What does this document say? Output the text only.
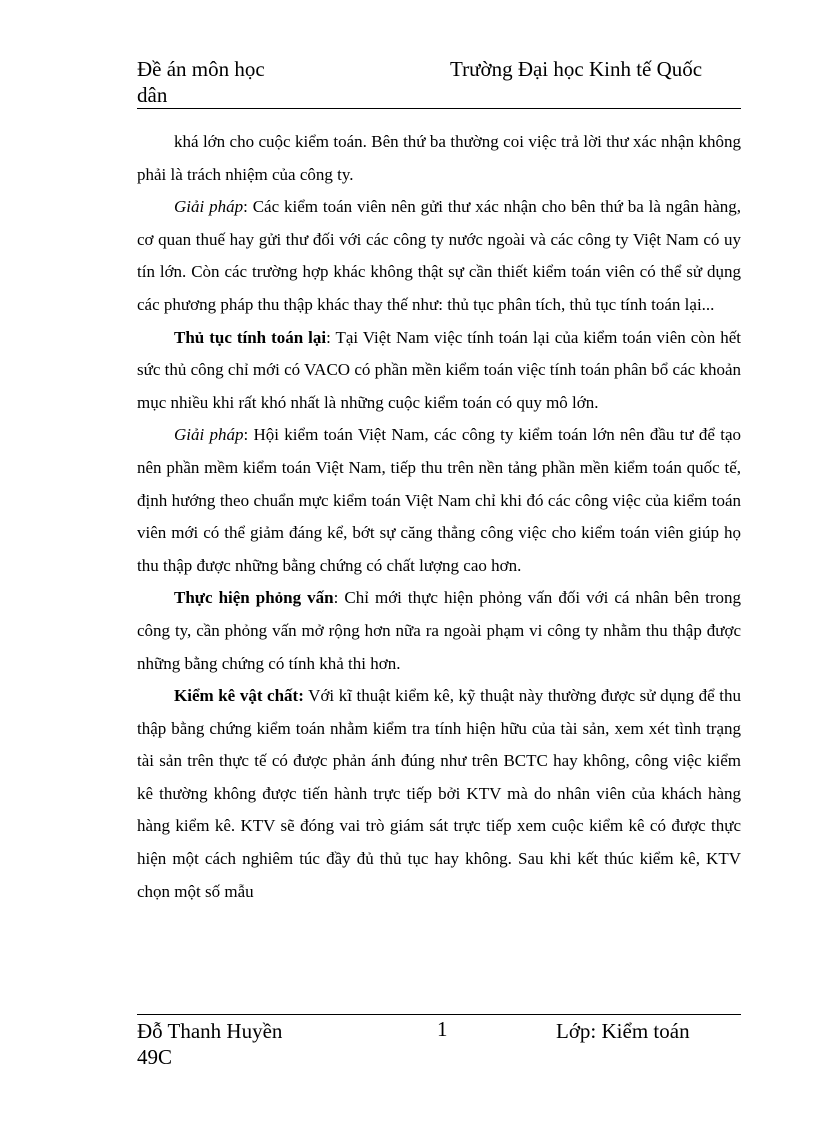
Đề án môn học	Trường Đại học Kinh tế Quốc
dân

khá lớn cho cuộc kiểm toán. Bên thứ ba thường coi việc trả lời thư xác nhận không phải là trách nhiệm của công ty.

Giải pháp: Các kiểm toán viên nên gửi thư xác nhận cho bên thứ ba là ngân hàng, cơ quan thuế hay gửi thư đối với các công ty nước ngoài và các công ty Việt Nam có uy tín lớn. Còn các trường hợp khác không thật sự cần thiết kiểm toán viên có thể sử dụng các phương pháp thu thập khác thay thế như: thủ tục phân tích, thủ tục tính toán lại...

Thủ tục tính toán lại: Tại Việt Nam việc tính toán lại của kiểm toán viên còn hết sức thủ công chỉ mới có VACO có phần mền kiểm toán việc tính toán phân bổ các khoản mục nhiều khi rất khó nhất là những cuộc kiểm toán có quy mô lớn.

Giải pháp: Hội kiểm toán Việt Nam, các công ty kiểm toán lớn nên đầu tư để tạo nên phần mềm kiểm toán Việt Nam, tiếp thu trên nền tảng phần mền kiểm toán quốc tế, định hướng theo chuẩn mực kiểm toán Việt Nam chỉ khi đó các công việc của kiểm toán viên mới có thể giảm đáng kể, bớt sự căng thẳng công việc cho kiểm toán viên giúp họ thu thập được những bằng chứng có chất lượng cao hơn.

Thực hiện phỏng vấn: Chỉ mới thực hiện phỏng vấn đối với cá nhân bên trong công ty, cần phỏng vấn mở rộng hơn nữa ra ngoài phạm vi công ty nhằm thu thập được những bằng chứng có tính khả thi hơn.

Kiểm kê vật chất: Với kĩ thuật kiểm kê, kỹ thuật này thường được sử dụng để thu thập bằng chứng kiểm toán nhằm kiểm tra tính hiện hữu của tài sản, xem xét tình trạng tài sản trên thực tế có được phản ánh đúng như trên BCTC hay không, công việc kiểm kê thường không được tiến hành trực tiếp bởi KTV mà do nhân viên của khách hàng hàng kiểm kê. KTV sẽ đóng vai trò giám sát trực tiếp xem cuộc kiểm kê có được thực hiện một cách nghiêm túc đầy đủ thủ tục hay không. Sau khi kết thúc kiểm kê, KTV chọn một số mẫu

Đỗ Thanh Huyền	1	Lớp: Kiểm toán
49C
